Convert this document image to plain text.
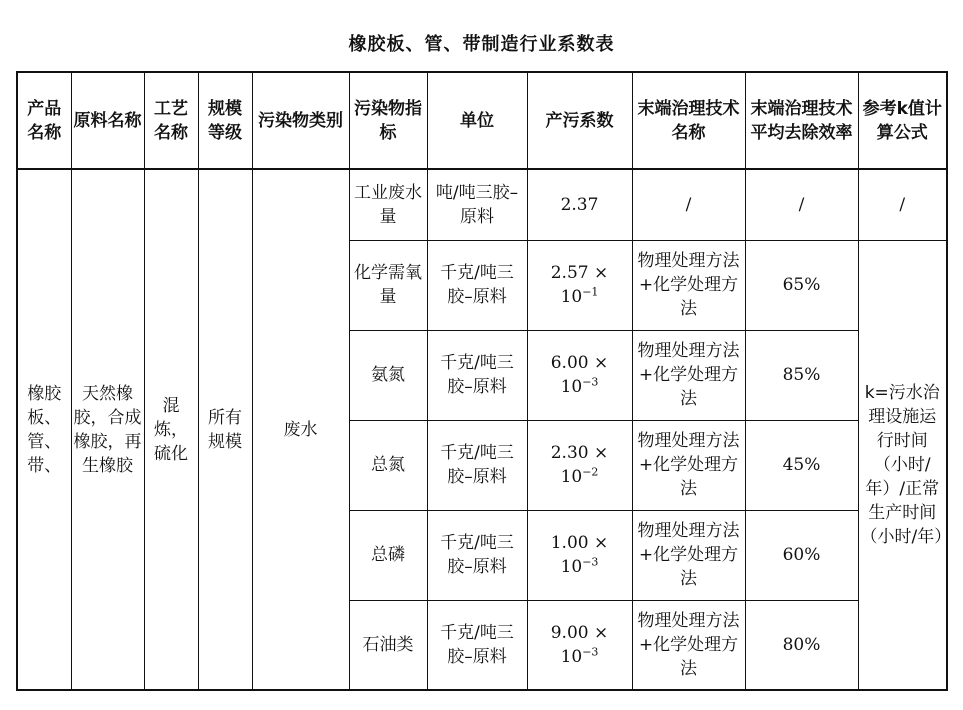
橡胶板、管、带制造行业系数表
产品名称	原料名称	工艺名称	规模等级	污染物类别	污染物指标	单位	产污系数	末端治理技术名称	末端治理技术平均去除效率	参考k值计算公式
橡胶板、管、带、	天然橡胶，合成橡胶，再生橡胶	混炼，硫化	所有规模	废水	工业废水量	吨/吨三胶–原料	2.37	/	/	/
					化学需氧量	千克/吨三胶–原料	$2.57 \times 10^{-1}$	物理处理方法+化学处理方法	65%	k=污水治理设施运行时间（小时/年）/正常生产时间（小时/年）
					氨氮	千克/吨三胶–原料	$6.00 \times 10^{-3}$	物理处理方法+化学处理方法	85%	
					总氮	千克/吨三胶–原料	$2.30 \times 10^{-2}$	物理处理方法+化学处理方法	45%	
					总磷	千克/吨三胶–原料	$1.00 \times 10^{-3}$	物理处理方法+化学处理方法	60%	
					石油类	千克/吨三胶–原料	$9.00 \times 10^{-3}$	物理处理方法+化学处理方法	80%	
